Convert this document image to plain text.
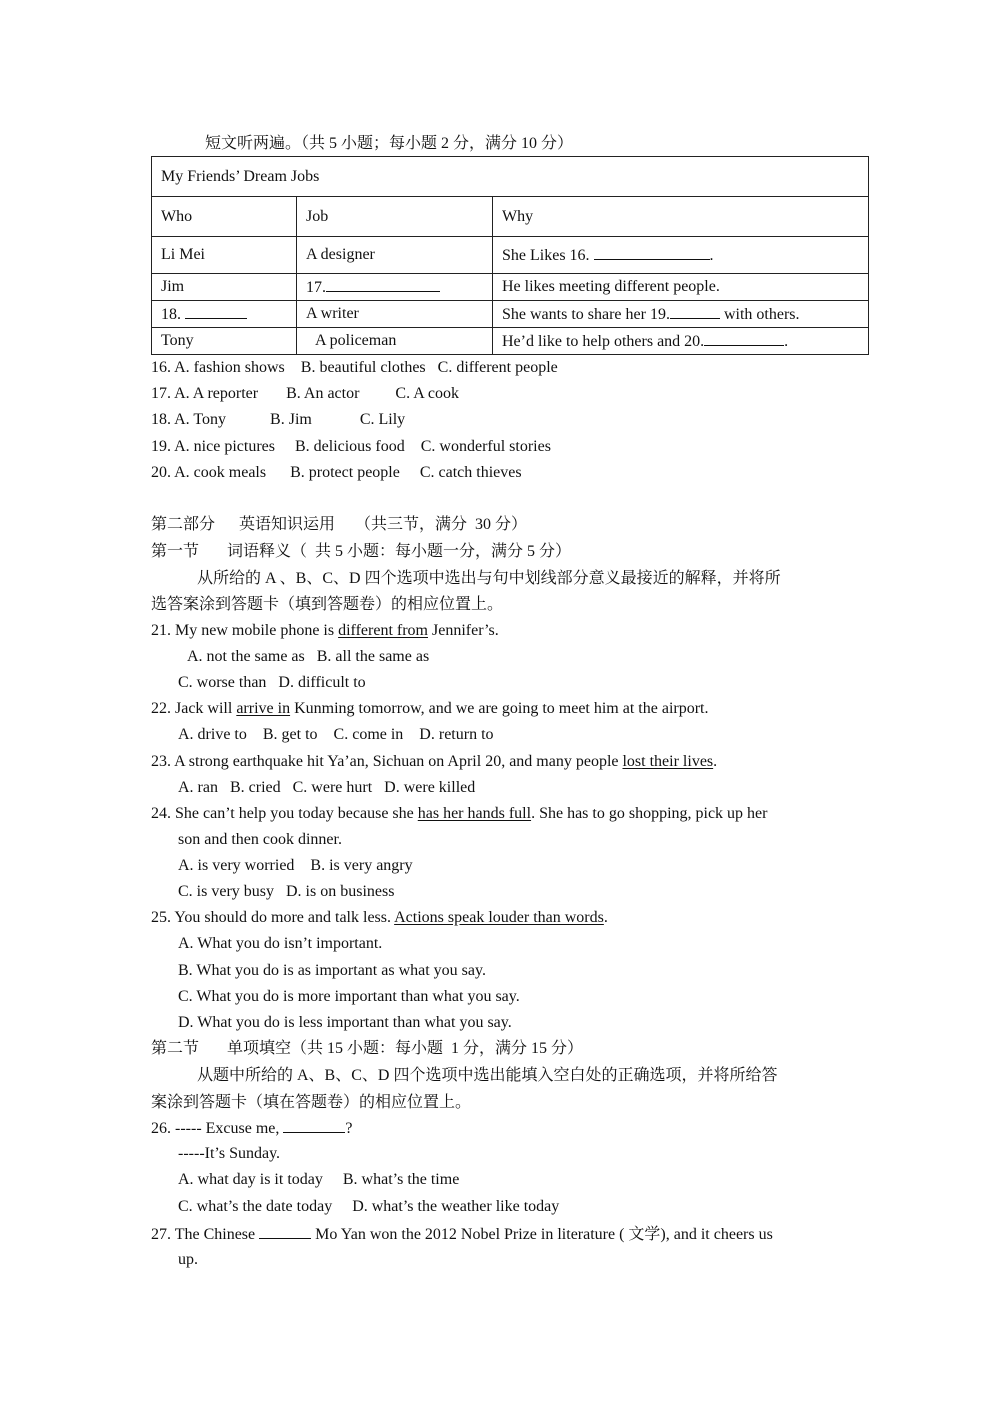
短文听两遍。（共 5 小题；每小题 2 分，满分 10 分）
My Friends’ Dream Jobs		
Who	Job	Why
Li Mei	A designer	She Likes 16. .
Jim	17.	He likes meeting different people.
18.	A writer	She wants to share her 19. with others.
Tony	A policeman	He’d like to help others and 20. .
16. A. fashion shows    B. beautiful clothes   C. different people
17. A. A reporter       B. An actor         C. A cook
18. A. Tony           B. Jim            C. Lily
19. A. nice pictures     B. delicious food    C. wonderful stories
20. A. cook meals      B. protect people     C. catch thieves
第二部分      英语知识运用     （共三节，满分  30 分）
第一节       词语释义（  共 5 小题：每小题一分，满分 5 分）
从所给的 A 、B、C、D 四个选项中选出与句中划线部分意义最接近的解释，并将所
选答案涂到答题卡（填到答题卷）的相应位置上。
21. My new mobile phone is different from Jennifer’s.
A. not the same as   B. all the same as
C. worse than   D. difficult to
22. Jack will arrive in Kunming tomorrow, and we are going to meet him at the airport.
A. drive to    B. get to    C. come in    D. return to
23. A strong earthquake hit Ya’an, Sichuan on April 20, and many people lost their lives.
A. ran   B. cried   C. were hurt   D. were killed
24. She can’t help you today because she has her hands full. She has to go shopping, pick up her
son and then cook dinner.
A. is very worried    B. is very angry
C. is very busy   D. is on business
25. You should do more and talk less. Actions speak louder than words.
A. What you do isn’t important.
B. What you do is as important as what you say.
C. What you do is more important than what you say.
D. What you do is less important than what you say.
第二节       单项填空（共 15 小题：每小题  1 分，满分 15 分）
从题中所给的 A、B、C、D 四个选项中选出能填入空白处的正确选项，并将所给答
案涂到答题卡（填在答题卷）的相应位置上。
26. ----- Excuse me,	?
-----It’s Sunday.
A. what day is it today     B. what’s the time
C. what’s the date today     D. what’s the weather like today
27. The Chinese	Mo Yan won the 2012 Nobel Prize in literature ( 文学), and it cheers us
up.
